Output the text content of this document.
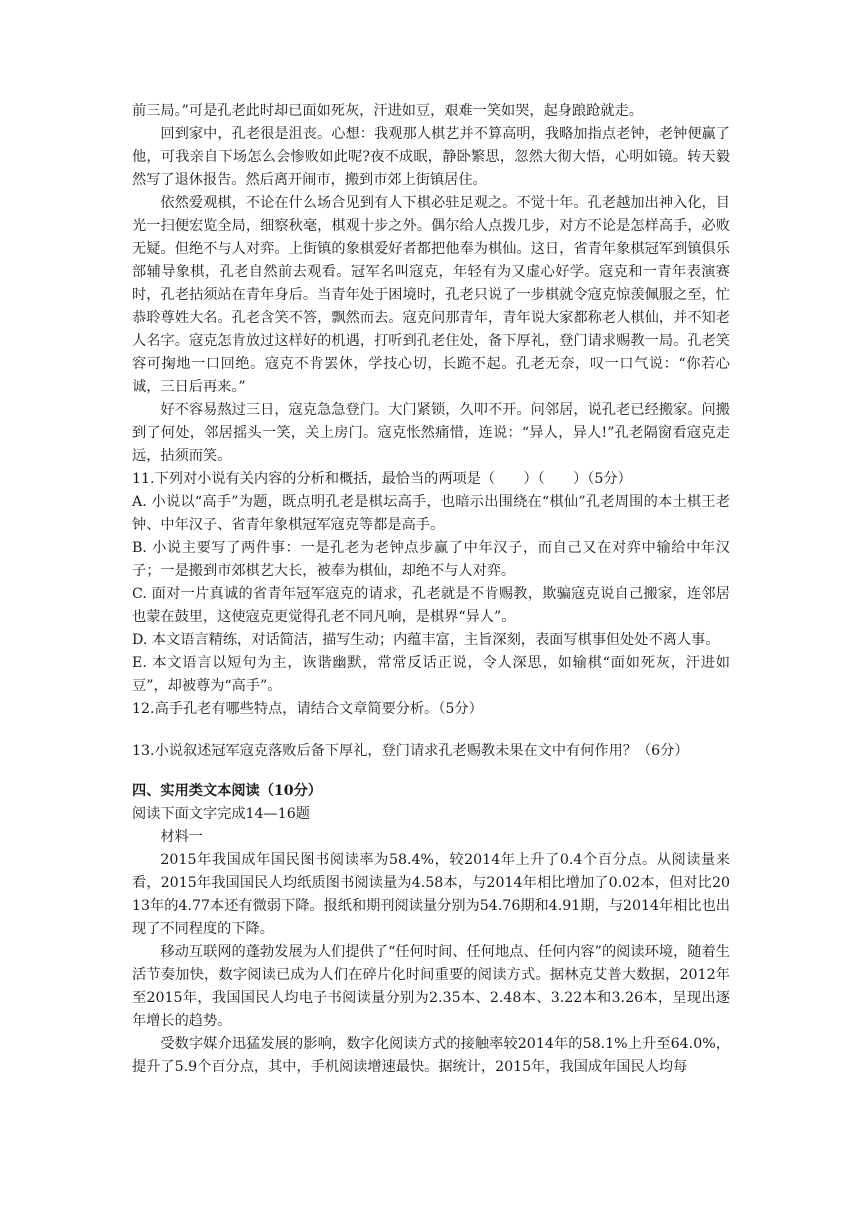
前三局。”可是孔老此时却已面如死灰，汗进如豆，艰难一笑如哭，起身踉跄就走。

回到家中，孔老很是沮丧。心想：我观那人棋艺并不算高明，我略加指点老钟，老钟便赢了他，可我亲自下场怎么会惨败如此呢?夜不成眠，静卧繁思，忽然大彻大悟，心明如镜。转天毅然写了退休报告。然后离开闹市，搬到市郊上街镇居住。

依然爱观棋，不论在什么场合见到有人下棋必驻足观之。不觉十年。孔老越加出神入化，目光一扫便宏览全局，细察秋毫，棋观十步之外。偶尔给人点拨几步，对方不论是怎样高手，必败无疑。但绝不与人对弈。上街镇的象棋爱好者都把他奉为棋仙。这日，省青年象棋冠军到镇俱乐部辅导象棋，孔老自然前去观看。冠军名叫寇克，年轻有为又虚心好学。寇克和一青年表演赛时，孔老拈须站在青年身后。当青年处于困境时，孔老只说了一步棋就令寇克惊羡佩服之至，忙恭聆尊姓大名。孔老含笑不答，飘然而去。寇克问那青年，青年说大家都称老人棋仙，并不知老人名字。寇克怎肯放过这样好的机遇，打听到孔老住处，备下厚礼，登门请求赐教一局。孔老笑容可掬地一口回绝。寇克不肯罢休，学技心切，长跪不起。孔老无奈，叹一口气说：“你若心诚，三日后再来。”

好不容易熬过三日，寇克急急登门。大门紧锁，久叩不开。问邻居，说孔老已经搬家。问搬到了何处，邻居摇头一笑，关上房门。寇克怅然痛惜，连说：“异人，异人!”孔老隔窗看寇克走远，拈须而笑。

11.下列对小说有关内容的分析和概括，最恰当的两项是（　　）（　　）（5分）

A. 小说以“高手”为题，既点明孔老是棋坛高手，也暗示出围绕在“棋仙”孔老周围的本土棋王老钟、中年汉子、省青年象棋冠军寇克等都是高手。

B. 小说主要写了两件事：一是孔老为老钟点步赢了中年汉子，而自己又在对弈中输给中年汉子；一是搬到市郊棋艺大长，被奉为棋仙，却绝不与人对弈。

C. 面对一片真诚的省青年冠军寇克的请求，孔老就是不肯赐教，欺骗寇克说自己搬家，连邻居也蒙在鼓里，这使寇克更觉得孔老不同凡响，是棋界“异人”。

D. 本文语言精练，对话简洁，描写生动；内蕴丰富，主旨深刻，表面写棋事但处处不离人事。

E. 本文语言以短句为主，诙谐幽默，常常反话正说，令人深思，如输棋“面如死灰，汗进如豆”，却被尊为“高手”。

12.高手孔老有哪些特点，请结合文章简要分析。（5分）

13.小说叙述冠军寇克落败后备下厚礼，登门请求孔老赐教未果在文中有何作用？（6分）

四、实用类文本阅读（10分）

阅读下面文字完成14—16题

材料一

2015年我国成年国民图书阅读率为58.4%，较2014年上升了0.4个百分点。从阅读量来看，2015年我国国民人均纸质图书阅读量为4.58本，与2014年相比增加了0.02本，但对比2013年的4.77本还有微弱下降。报纸和期刊阅读量分别为54.76期和4.91期，与2014年相比也出现了不同程度的下降。

移动互联网的蓬勃发展为人们提供了“任何时间、任何地点、任何内容”的阅读环境，随着生活节奏加快，数字阅读已成为人们在碎片化时间重要的阅读方式。据林克艾普大数据，2012年至2015年，我国国民人均电子书阅读量分别为2.35本、2.48本、3.22本和3.26本，呈现出逐年增长的趋势。

受数字媒介迅猛发展的影响，数字化阅读方式的接触率较2014年的58.1%上升至64.0%，提升了5.9个百分点，其中，手机阅读增速最快。据统计，2015年，我国成年国民人均每
